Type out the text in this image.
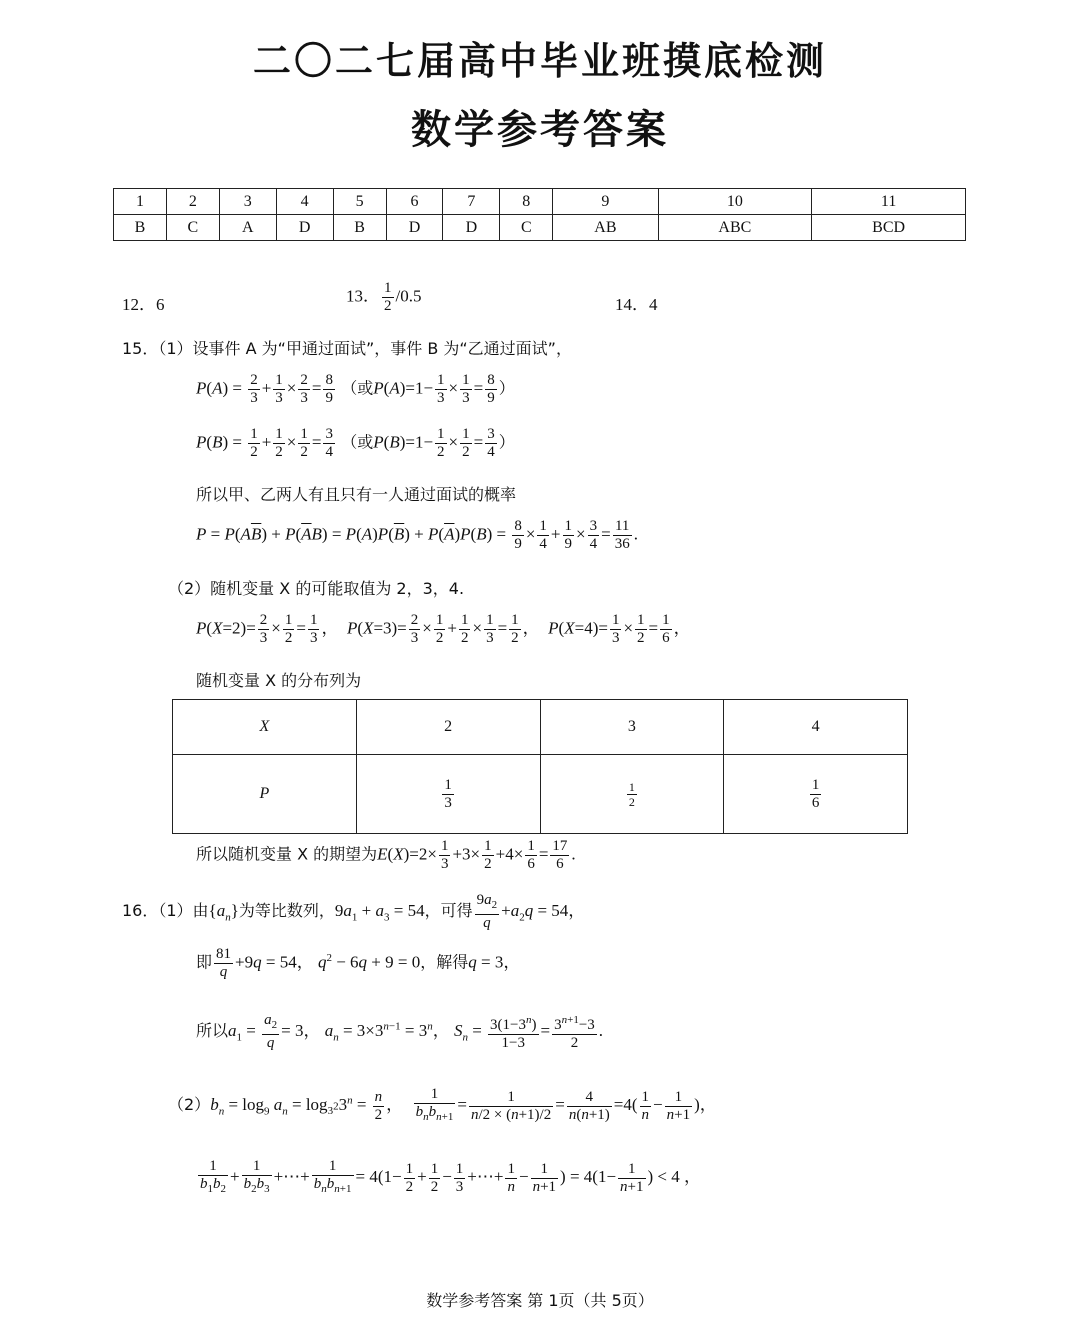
二〇二七届高中毕业班摸底检测
数学参考答案
1	2	3	4	5	6	7	8	9	10	11
B	C	A	D	B	D	D	C	AB	ABC	BCD
12．6	13． $\frac{1}{2} /0.5$	14．4
15．（1）设事件 A 为“甲通过面试”，事件 B 为“乙通过面试”，
$P(A) = \frac{2}{3} + \frac{1}{3} \times \frac{2}{3} = \frac{8}{9}$ （或$P(A)=1- \frac{1}{3} \times \frac{1}{3} = \frac{8}{9}$ ）
$P(B) = \frac{1}{2} + \frac{1}{2} \times \frac{1}{2} = \frac{3}{4}$ （或$P(B)=1- \frac{1}{2} \times \frac{1}{2} = \frac{3}{4}$ ）
所以甲、乙两人有且只有一人通过面试的概率
$P = P(A\overline{B}) + P(\overline{A}B) = P(A)P(\overline{B}) + P(\overline{A})P(B) = \frac{8}{9} \times \frac{1}{4} + \frac{1}{9} \times \frac{3}{4} = \frac{11}{36}$ .
（2）随机变量 X 的可能取值为 2，3，4.
$P(X=2)= \frac{2}{3} \times \frac{1}{2} = \frac{1}{3}$ ，  $P(X=3)= \frac{2}{3} \times \frac{1}{2} + \frac{1}{2} \times \frac{1}{3} = \frac{1}{2}$ ，  $P(X=4)= \frac{1}{3} \times \frac{1}{2} = \frac{1}{6}$ ，
随机变量 X 的分布列为
X	2	3	4
P	$\frac{1}{3}$	$\frac{1}{2}$	$\frac{1}{6}$
所以随机变量 X 的期望为$E(X)=2\times \frac{1}{3} +3\times \frac{1}{2} +4\times \frac{1}{6} = \frac{17}{6}$ .
16．（1）由$\{a_n\}$为等比数列，$9a_1 + a_3 = 54$，可得 $\frac{9a_2}{q} +a_2q = 54$，
即 $\frac{81}{q} +9q = 54$， $q^2 - 6q + 9 = 0$，解得q = 3，
所以$a_1 = \frac{a_2}{q} = 3$， $a_n = 3\times 3^{n-1} = 3^n$， $S_n = \frac{3(1-3^n)}{1-3} = \frac{3^{n+1}-3}{2}$ .
$(2)b_n = \log_9 a_n = \log_{3^2}3^n = \frac{n}{2}$ ， $\frac{1}{b_nb_{n+1}} = \frac{1}{n/2 \times (n+1)/2} = \frac{4}{n(n+1)} =4( \frac{1}{n} - \frac{1}{n+1}$ )，
$\frac{1}{b_1b_2} + \frac{1}{b_2b_3}$ +⋯+ $\frac{1}{b_nb_{n+1}} = 4(1- \frac{1}{2} + \frac{1}{2} - \frac{1}{3}$ +⋯+ $\frac{1}{n} - \frac{1}{n+1}$ ) = $4(1- \frac{1}{n+1}$ ) < 4 ，
数学参考答案 第 1页（共 5页）
